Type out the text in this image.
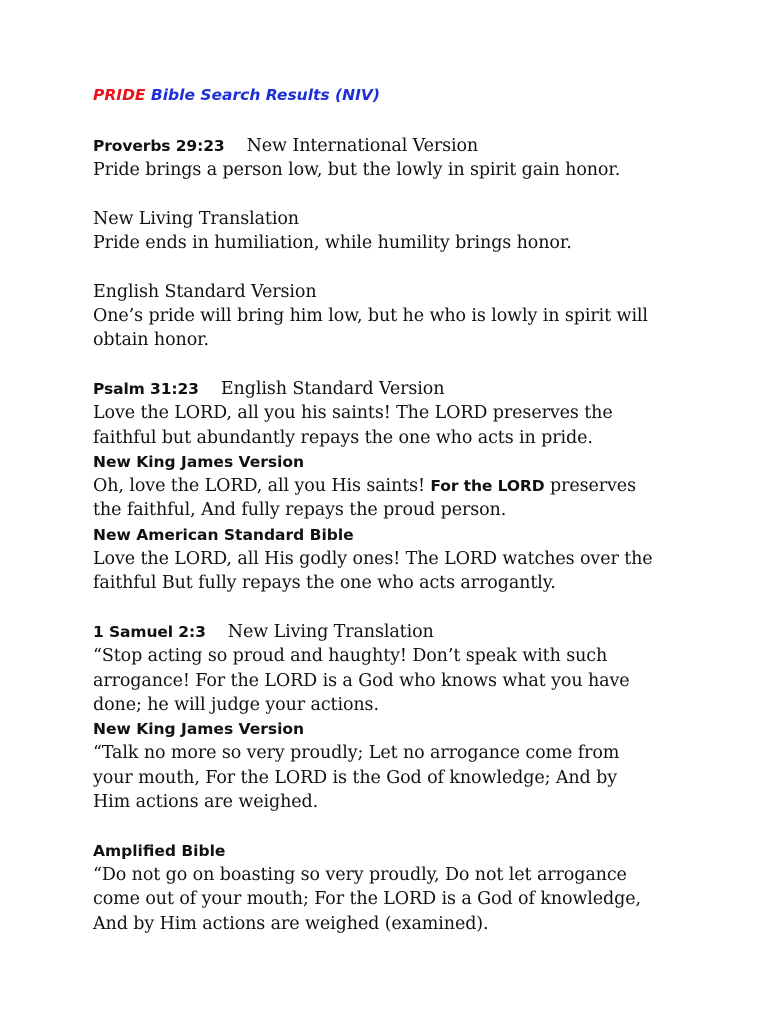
PRIDE Bible Search Results (NIV)
Proverbs 29:23 New International Version
Pride brings a person low, but the lowly in spirit gain honor.
New Living Translation
Pride ends in humiliation, while humility brings honor.
English Standard Version
One’s pride will bring him low, but he who is lowly in spirit will
obtain honor.
Psalm 31:23 English Standard Version
Love the LORD, all you his saints! The LORD preserves the
faithful but abundantly repays the one who acts in pride.
New King James Version
Oh, love the LORD, all you His saints! For the LORD preserves
the faithful, And fully repays the proud person.
New American Standard Bible
Love the LORD, all His godly ones! The LORD watches over the
faithful But fully repays the one who acts arrogantly.
1 Samuel 2:3 New Living Translation
“Stop acting so proud and haughty! Don’t speak with such
arrogance! For the LORD is a God who knows what you have
done; he will judge your actions.
New King James Version
“Talk no more so very proudly; Let no arrogance come from
your mouth, For the LORD is the God of knowledge; And by
Him actions are weighed.
Amplified Bible
“Do not go on boasting so very proudly, Do not let arrogance
come out of your mouth; For the LORD is a God of knowledge,
And by Him actions are weighed (examined).
